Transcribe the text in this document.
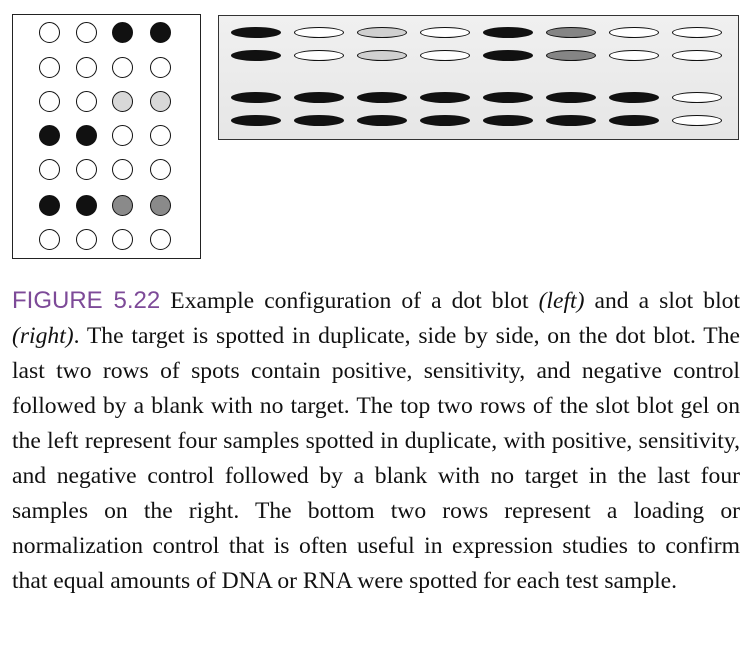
FIGURE 5.22 Example configuration of a dot blot (left) and a slot blot (right). The target is spotted in duplicate, side by side, on the dot blot. The last two rows of spots contain positive, sensitivity, and negative control followed by a blank with no target. The top two rows of the slot blot gel on the left represent four samples spotted in duplicate, with positive, sensitivity, and negative control followed by a blank with no target in the last four samples on the right. The bottom two rows represent a loading or normalization control that is often useful in expression studies to confirm that equal amounts of DNA or RNA were spotted for each test sample.
